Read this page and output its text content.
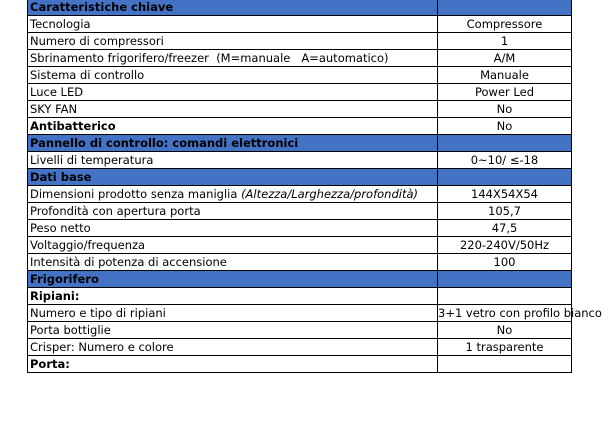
Caratteristiche chiave	
Tecnologia	Compressore
Numero di compressori	1
Sbrinamento frigorifero/freezer  (M=manuale   A=automatico)	A/M
Sistema di controllo	Manuale
Luce LED	Power Led
SKY FAN	No
Antibatterico	No
Pannello di controllo: comandi elettronici	
Livelli di temperatura	0~10/ ≤-18
Dati base	
Dimensioni prodotto senza maniglia (Altezza/Larghezza/profondità)	144X54X54
Profondità con apertura porta	105,7
Peso netto	47,5
Voltaggio/frequenza	220-240V/50Hz
Intensità di potenza di accensione	100
Frigorifero	
Ripiani:	
Numero e tipo di ripiani	3+1 vetro con profilo bianco
Porta bottiglie	No
Crisper: Numero e colore	1 trasparente
Porta:	
